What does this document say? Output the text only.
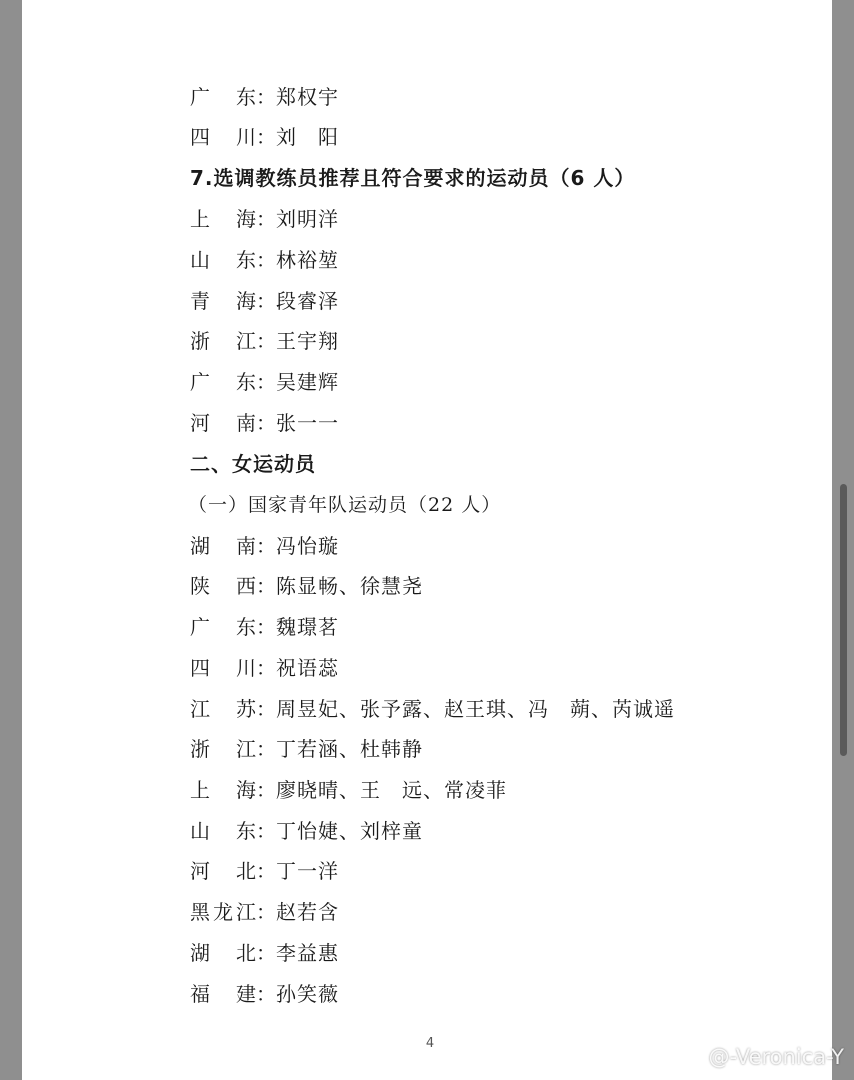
广东 ： 郑权宇
四川 ： 刘　阳
7.选调教练员推荐且符合要求的运动员（6 人）
上海 ： 刘明洋
山东 ： 林裕堃
青海 ： 段睿泽
浙江 ： 王宇翔
广东 ： 吴建辉
河南 ： 张一一
二、女运动员
（一）国家青年队运动员（22 人）
湖南 ： 冯怡璇
陕西 ： 陈显畅、徐慧尧
广东 ： 魏璟茗
四川 ： 祝语蕊
江苏 ： 周昱妃、张予露、赵王琪、冯　蒴、芮诚遥
浙江 ： 丁若涵、杜韩静
上海 ： 廖晓晴、王　远、常凌菲
山东 ： 丁怡婕、刘梓童
河北 ： 丁一洋
黑龙江 ： 赵若含
湖北 ： 李益惠
福建 ： 孙笑薇
4
@-Veronica-Y
